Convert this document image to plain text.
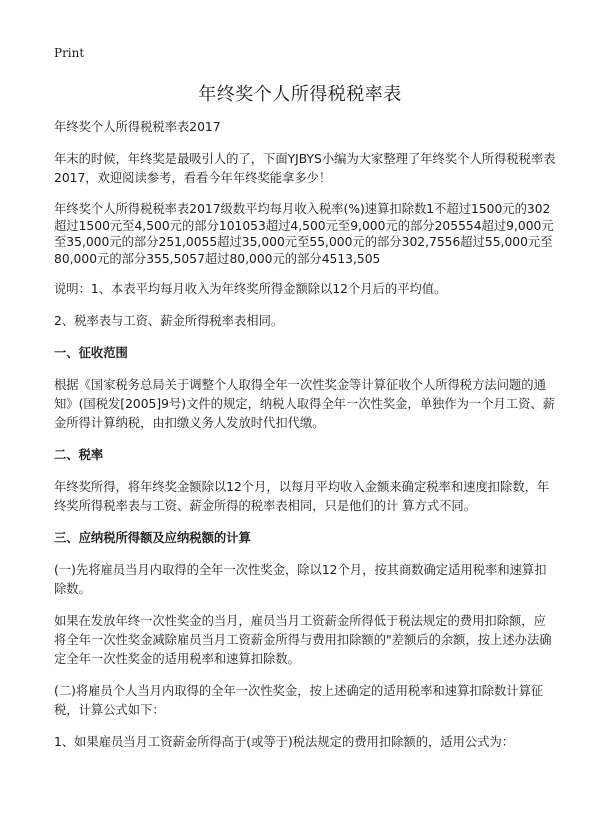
Print
年终奖个人所得税税率表

年终奖个人所得税税率表2017

年末的时候，年终奖是最吸引人的了，下面YJBYS小编为大家整理了年终奖个人所得税税率表2017，欢迎阅读参考，看看今年年终奖能拿多少！

年终奖个人所得税税率表2017级数平均每月收入税率(%)速算扣除数1不超过1500元的302超过1500元至4,500元的部分101053超过4,500元至9,000元的部分205554超过9,000元至35,000元的部分251,0055超过35,000元至55,000元的部分302,7556超过55,000元至80,000元的部分355,5057超过80,000元的部分4513,505

说明：1、本表平均每月收入为年终奖所得金额除以12个月后的平均值。

2、税率表与工资、薪金所得税率表相同。

一、征收范围

根据《国家税务总局关于调整个人取得全年一次性奖金等计算征收个人所得税方法问题的通知》(国税发[2005]9号)文件的规定，纳税人取得全年一次性奖金，单独作为一个月工资、薪金所得计算纳税，由扣缴义务人发放时代扣代缴。

二、税率

年终奖所得，将年终奖金额除以12个月，以每月平均收入金额来确定税率和速度扣除数，年终奖所得税率表与工资、薪金所得的税率表相同，只是他们的计 算方式不同。

三、应纳税所得额及应纳税额的计算

(一)先将雇员当月内取得的全年一次性奖金，除以12个月，按其商数确定适用税率和速算扣除数。

如果在发放年终一次性奖金的当月，雇员当月工资薪金所得低于税法规定的费用扣除额，应将全年一次性奖金减除雇员当月工资薪金所得与费用扣除额的"差额后的余额，按上述办法确定全年一次性奖金的适用税率和速算扣除数。

(二)将雇员个人当月内取得的全年一次性奖金，按上述确定的适用税率和速算扣除数计算征税，计算公式如下：

1、如果雇员当月工资薪金所得高于(或等于)税法规定的费用扣除额的，适用公式为：
